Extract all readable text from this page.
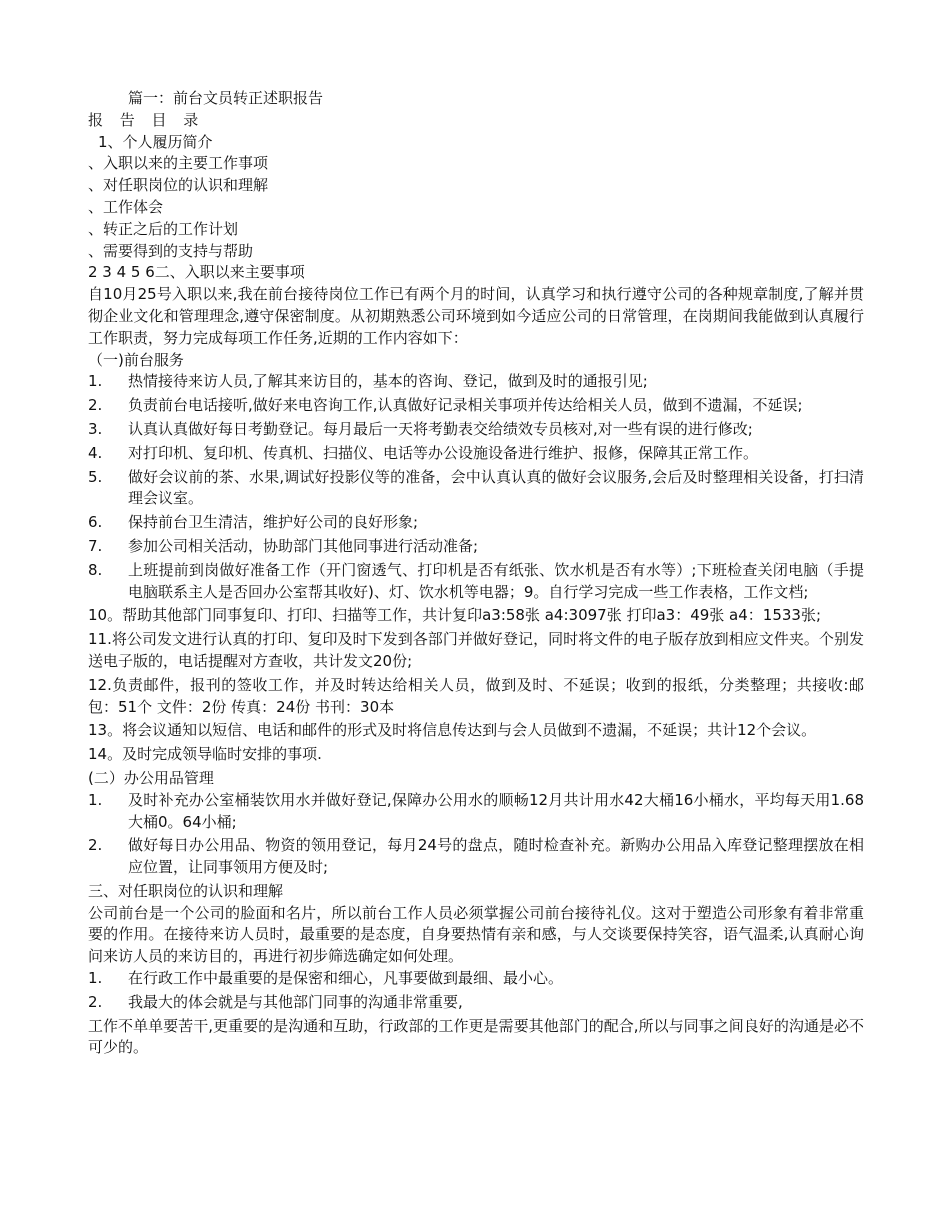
篇一：前台文员转正述职报告

报 告 目 录

1、个人履历简介

、入职以来的主要工作事项

、对任职岗位的认识和理解

、工作体会

、转正之后的工作计划

、需要得到的支持与帮助

2 3 4 5 6二、入职以来主要事项

自10月25号入职以来,我在前台接待岗位工作已有两个月的时间，认真学习和执行遵守公司的各种规章制度,了解并贯彻企业文化和管理理念,遵守保密制度。从初期熟悉公司环境到如今适应公司的日常管理，在岗期间我能做到认真履行工作职责，努力完成每项工作任务,近期的工作内容如下：

（一)前台服务

1.	热情接待来访人员,了解其来访目的，基本的咨询、登记，做到及时的通报引见;
2.	负责前台电话接听,做好来电咨询工作,认真做好记录相关事项并传达给相关人员，做到不遗漏，不延误;
3.	认真认真做好每日考勤登记。每月最后一天将考勤表交给绩效专员核对,对一些有误的进行修改;
4.	对打印机、复印机、传真机、扫描仪、电话等办公设施设备进行维护、报修，保障其正常工作。
5.	做好会议前的茶、水果,调试好投影仪等的准备，会中认真认真的做好会议服务,会后及时整理相关设备，打扫清理会议室。
6.	保持前台卫生清洁，维护好公司的良好形象;
7.	参加公司相关活动，协助部门其他同事进行活动准备;
8.	上班提前到岗做好准备工作（开门窗透气、打印机是否有纸张、饮水机是否有水等）;下班检查关闭电脑（手提电脑联系主人是否回办公室帮其收好)、灯、饮水机等电器；9。自行学习完成一些工作表格，工作文档;

10。帮助其他部门同事复印、打印、扫描等工作，共计复印a3:58张 a4:3097张 打印a3：49张 a4：1533张;

11.将公司发文进行认真的打印、复印及时下发到各部门并做好登记，同时将文件的电子版存放到相应文件夹。个别发送电子版的，电话提醒对方查收，共计发文20份;

12.负责邮件，报刊的签收工作，并及时转达给相关人员，做到及时、不延误；收到的报纸，分类整理；共接收:邮包：51个 文件：2份 传真：24份 书刊：30本

13。将会议通知以短信、电话和邮件的形式及时将信息传达到与会人员做到不遗漏，不延误；共计12个会议。

14。及时完成领导临时安排的事项.

(二）办公用品管理

1.	及时补充办公室桶装饮用水并做好登记,保障办公用水的顺畅12月共计用水42大桶16小桶水，平均每天用1.68大桶0。64小桶;
2.	做好每日办公用品、物资的领用登记，每月24号的盘点，随时检查补充。新购办公用品入库登记整理摆放在相应位置，让同事领用方便及时;

三、对任职岗位的认识和理解

公司前台是一个公司的脸面和名片，所以前台工作人员必须掌握公司前台接待礼仪。这对于塑造公司形象有着非常重要的作用。在接待来访人员时，最重要的是态度，自身要热情有亲和感，与人交谈要保持笑容，语气温柔,认真耐心询问来访人员的来访目的，再进行初步筛选确定如何处理。

1.	在行政工作中最重要的是保密和细心，凡事要做到最细、最小心。
2.	我最大的体会就是与其他部门同事的沟通非常重要,

工作不单单要苦干,更重要的是沟通和互助，行政部的工作更是需要其他部门的配合,所以与同事之间良好的沟通是必不可少的。
